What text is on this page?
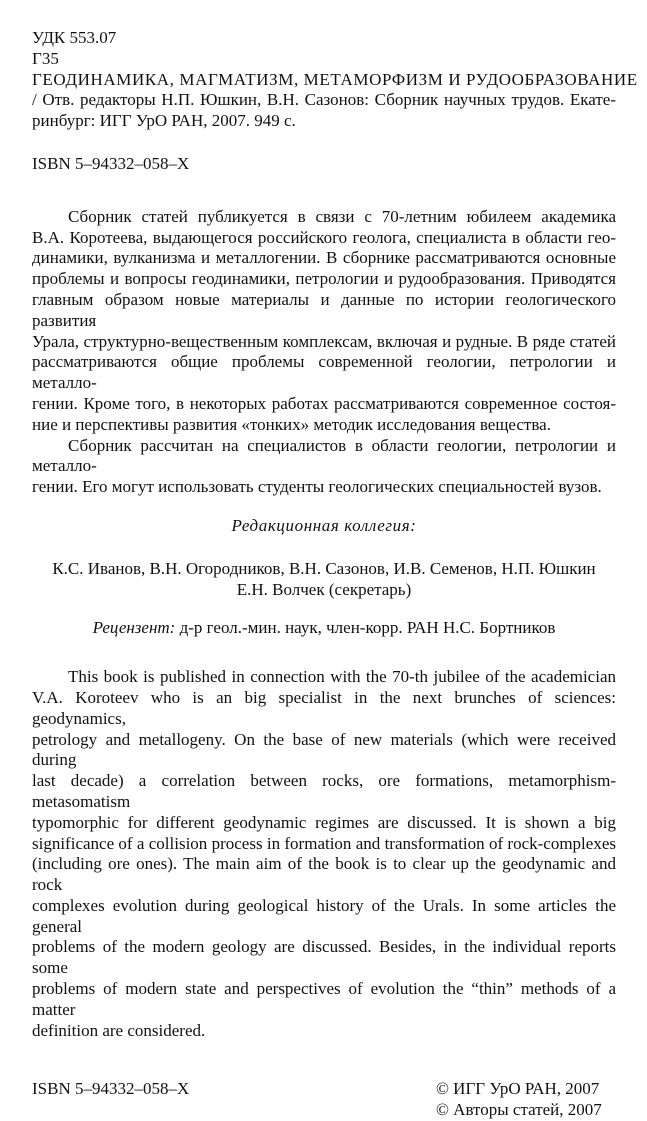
УДК 553.07
Г35
ГЕОДИНАМИКА, МАГМАТИЗМ, МЕТАМОРФИЗМ И РУДООБРАЗОВАНИЕ
/ Отв. редакторы Н.П. Юшкин, В.Н. Сазонов: Сборник научных трудов. Екате-
ринбург: ИГГ УрО РАН, 2007. 949 с.
ISBN 5–94332–058–X
Сборник статей публикуется в связи с 70-летним юбилеем академика
В.А. Коротеева, выдающегося российского геолога, специалиста в области гео-
динамики, вулканизма и металлогении. В сборнике рассматриваются основные
проблемы и вопросы геодинамики, петрологии и рудообразования. Приводятся
главным образом новые материалы и данные по истории геологического развития
Урала, структурно-вещественным комплексам, включая и рудные. В ряде статей
рассматриваются общие проблемы современной геологии, петрологии и металло-
гении. Кроме того, в некоторых работах рассматриваются современное состоя-
ние и перспективы развития «тонких» методик исследования вещества.
Сборник рассчитан на специалистов в области геологии, петрологии и металло-
гении. Его могут использовать студенты геологических специальностей вузов.
Редакционная коллегия:
К.С. Иванов, В.Н. Огородников, В.Н. Сазонов, И.В. Семенов, Н.П. Юшкин
Е.Н. Волчек (секретарь)
Рецензент: д-р геол.-мин. наук, член-корр. РАН Н.С. Бортников
This book is published in connection with the 70-th jubilee of the academician
V.A. Koroteev who is an big specialist in the next brunches of sciences: geodynamics,
petrology and metallogeny. On the base of new materials (which were received during
last decade) a correlation between rocks, ore formations, metamorphism-metasomatism
typomorphic for different geodynamic regimes are discussed. It is shown a big
significance of a collision process in formation and transformation of rock-complexes
(including ore ones). The main aim of the book is to clear up the geodynamic and rock
complexes evolution during geological history of the Urals. In some articles the general
problems of the modern geology are discussed. Besides, in the individual reports some
problems of modern state and perspectives of evolution the “thin” methods of a matter
definition are considered.
ISBN 5–94332–058–X	© ИГГ УрО РАН, 2007
© Авторы статей, 2007
